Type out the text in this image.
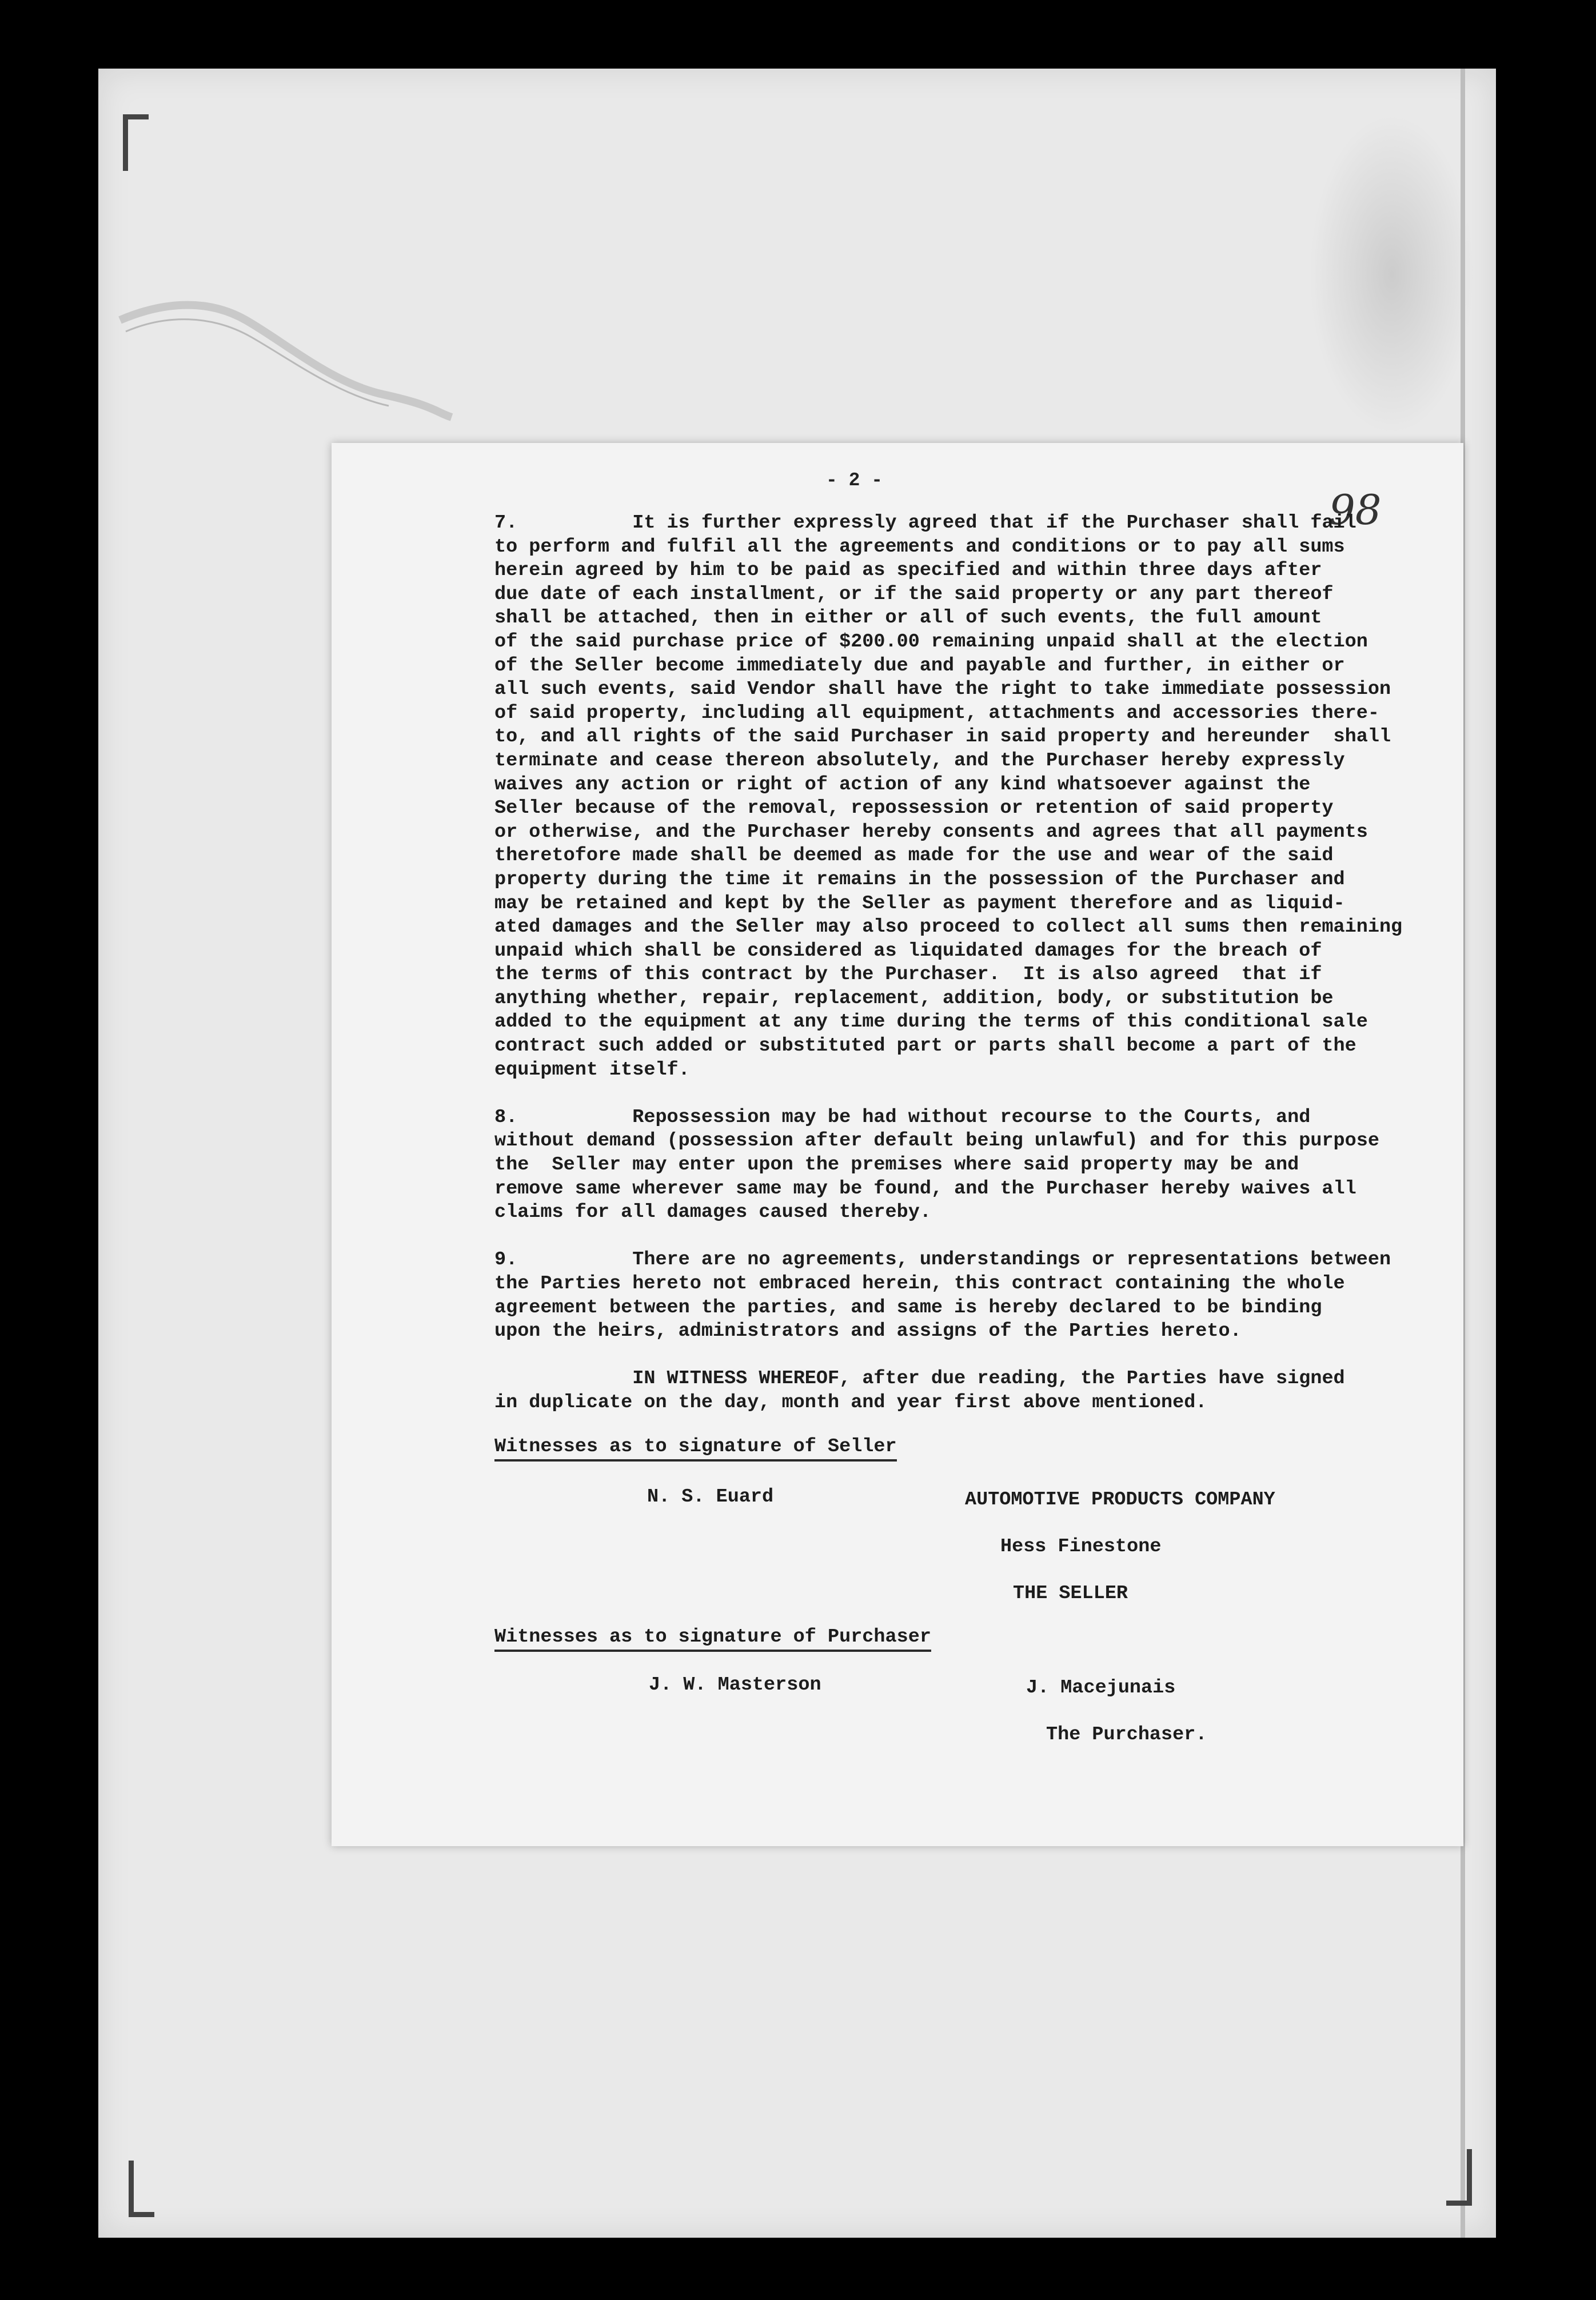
- 2 -
98
7.          It is further expressly agreed that if the Purchaser shall fail
to perform and fulfil all the agreements and conditions or to pay all sums
herein agreed by him to be paid as specified and within three days after
due date of each installment, or if the said property or any part thereof
shall be attached, then in either or all of such events, the full amount
of the said purchase price of $200.00 remaining unpaid shall at the election
of the Seller become immediately due and payable and further, in either or
all such events, said Vendor shall have the right to take immediate possession
of said property, including all equipment, attachments and accessories there-
to, and all rights of the said Purchaser in said property and hereunder  shall
terminate and cease thereon absolutely, and the Purchaser hereby expressly
waives any action or right of action of any kind whatsoever against the
Seller because of the removal, repossession or retention of said property
or otherwise, and the Purchaser hereby consents and agrees that all payments
theretofore made shall be deemed as made for the use and wear of the said
property during the time it remains in the possession of the Purchaser and
may be retained and kept by the Seller as payment therefore and as liquid-
ated damages and the Seller may also proceed to collect all sums then remaining
unpaid which shall be considered as liquidated damages for the breach of
the terms of this contract by the Purchaser.  It is also agreed  that if
anything whether, repair, replacement, addition, body, or substitution be
added to the equipment at any time during the terms of this conditional sale
contract such added or substituted part or parts shall become a part of the
equipment itself.
8.          Repossession may be had without recourse to the Courts, and
without demand (possession after default being unlawful) and for this purpose
the  Seller may enter upon the premises where said property may be and
remove same wherever same may be found, and the Purchaser hereby waives all
claims for all damages caused thereby.
9.          There are no agreements, understandings or representations between
the Parties hereto not embraced herein, this contract containing the whole
agreement between the parties, and same is hereby declared to be binding
upon the heirs, administrators and assigns of the Parties hereto.
IN WITNESS WHEREOF, after due reading, the Parties have signed
in duplicate on the day, month and year first above mentioned.
Witnesses as to signature of Seller
N. S. Euard	AUTOMOTIVE PRODUCTS COMPANY
Hess Finestone
THE SELLER
Witnesses as to signature of Purchaser
J. W. Masterson	J. Macejunais
The Purchaser.
